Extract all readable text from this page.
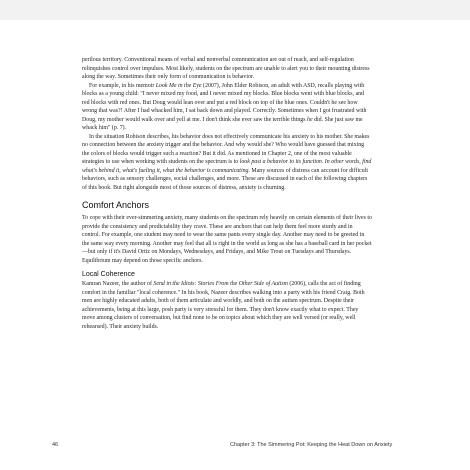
perilous territory. Conventional means of verbal and nonverbal communication are out of reach, and self-regulation relinquishes control over impulses. Most likely, students on the spectrum are unable to alert you to their mounting distress along the way. Sometimes their only form of communication is behavior.

For example, in his memoir Look Me in the Eye (2007), John Elder Robison, an adult with ASD, recalls playing with blocks as a young child: "I never mixed my food, and I never mixed my blocks. Blue blocks went with blue blocks, and red blocks with red ones. But Doug would lean over and put a red block on top of the blue ones. Couldn't he see how wrong that was?! After I had whacked him, I sat back down and played. Correctly. Sometimes when I got frustrated with Doug, my mother would walk over and yell at me. I don't think she ever saw the terrible things he did. She just saw me whack him" (p. 7).

In the situation Robison describes, his behavior does not effectively communicate his anxiety to his mother. She makes no connection between the anxiety trigger and the behavior. And why would she? Who would have guessed that mixing the colors of blocks would trigger such a reaction? But it did. As mentioned in Chapter 2, one of the most valuable strategies to use when working with students on the spectrum is to look past a behavior to its function. In other words, find what's behind it, what's fueling it, what the behavior is communicating. Many sources of distress can account for difficult behaviors, such as sensory challenges, social challenges, and more. These are discussed in each of the following chapters of this book. But right alongside most of those sources of distress, anxiety is churning.

Comfort Anchors

To cope with their ever-simmering anxiety, many students on the spectrum rely heavily on certain elements of their lives to provide the consistency and predictability they crave. These are anchors that can help them feel more sturdy and in control. For example, one student may need to wear the same pants every single day. Another may need to be greeted in the same way every morning. Another may feel that all is right in the world as long as she has a baseball card in her pocket—but only if it's David Ortiz on Mondays, Wednesdays, and Fridays, and Mike Trout on Tuesdays and Thursdays. Equilibrium may depend on those specific anchors.

Local Coherence

Kamran Nazeer, the author of Send in the Idiots: Stories From the Other Side of Autism (2006), calls the act of finding comfort in the familiar "local coherence." In his book, Nazeer describes walking into a party with his friend Craig. Both men are highly educated adults, both of them articulate and worldly, and both on the autism spectrum. Despite their achievements, being at this large, posh party is very stressful for them. They don't know exactly what to expect. They move among clusters of conversation, but find none to be on topics about which they are well versed (or really, well rehearsed). Their anxiety builds.

46	Chapter 3: The Simmering Pot: Keeping the Heat Down on Anxiety
